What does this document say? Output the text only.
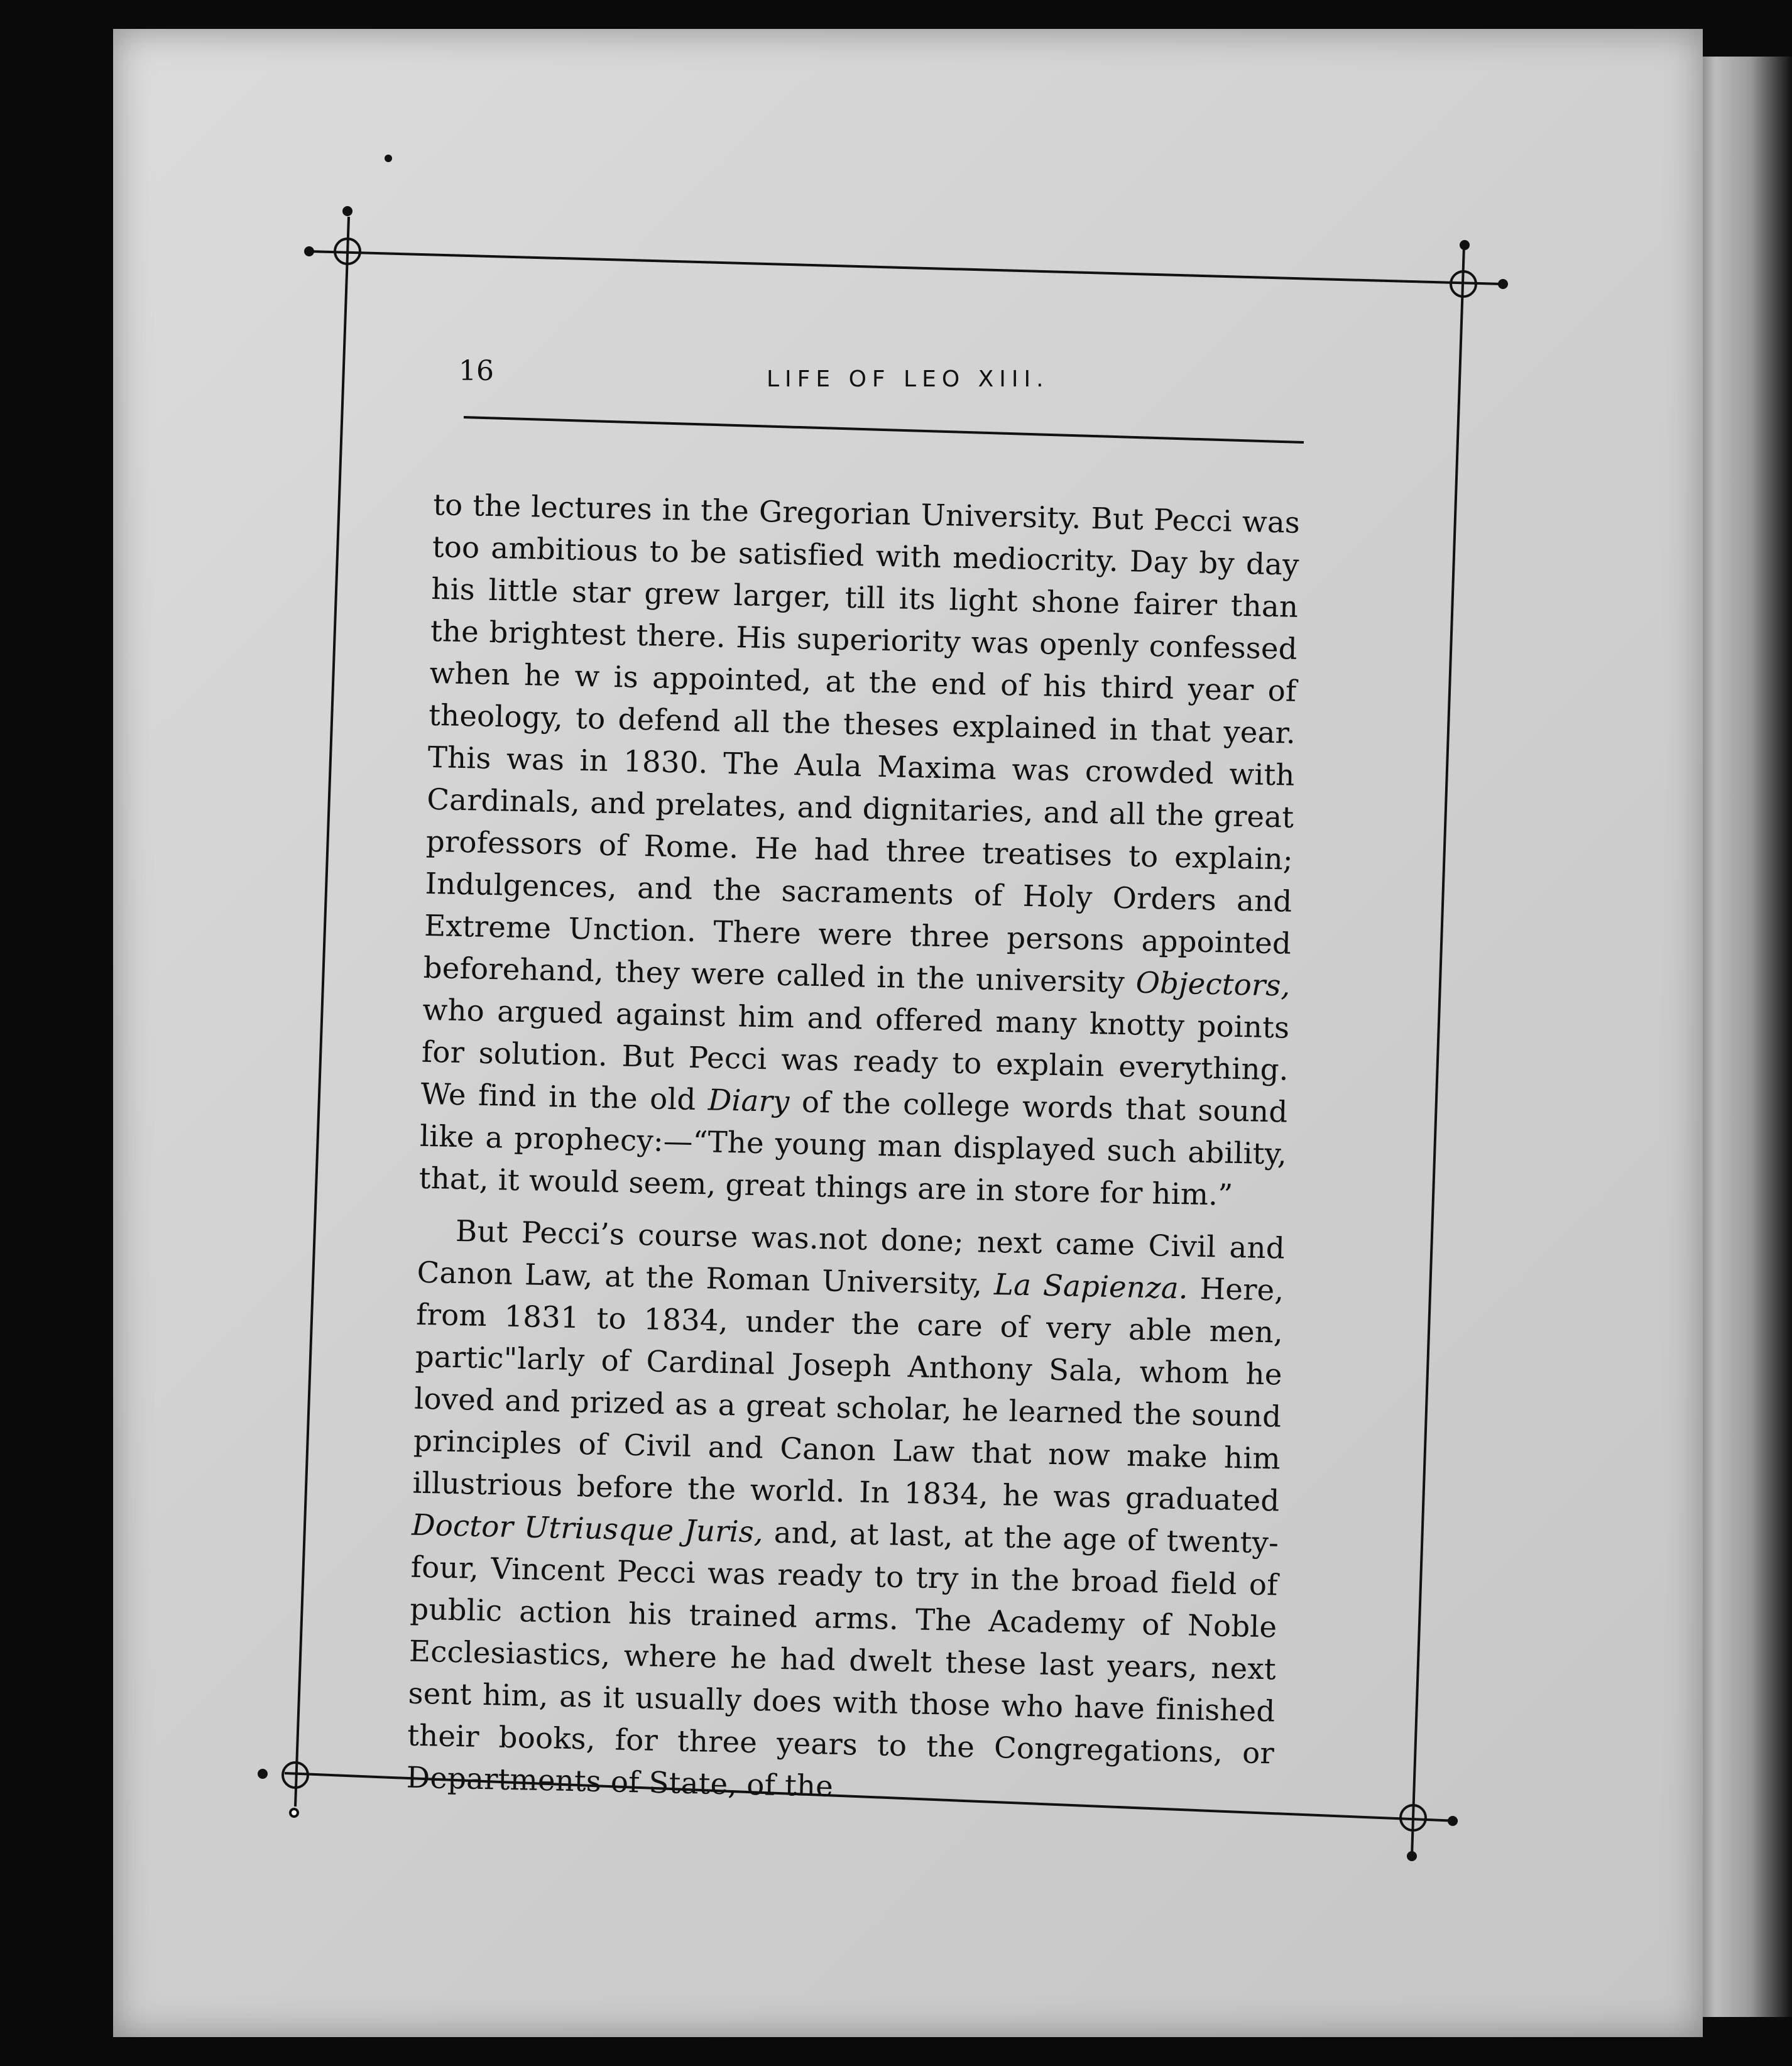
16	LIFE OF LEO XIII.

to the lectures in the Gregorian University. But Pecci was too ambitious to be satisfied with mediocrity. Day by day his little star grew larger, till its light shone fairer than the brightest there. His superiority was openly confessed when he w is appointed, at the end of his third year of theology, to defend all the theses explained in that year. This was in 1830. The Aula Maxima was crowded with Cardinals, and prelates, and dignitaries, and all the great professors of Rome. He had three treatises to explain; Indulgences, and the sacraments of Holy Orders and Extreme Unction. There were three persons appointed beforehand, they were called in the university Objectors, who argued against him and offered many knotty points for solution. But Pecci was ready to explain everything. We find in the old Diary of the college words that sound like a prophecy:—“The young man displayed such ability, that, it would seem, great things are in store for him.”

But Pecci’s course was.not done; next came Civil and Canon Law, at the Roman University, La Sapienza. Here, from 1831 to 1834, under the care of very able men, partic"larly of Cardinal Joseph Anthony Sala, whom he loved and prized as a great scholar, he learned the sound principles of Civil and Canon Law that now make him illustrious before the world. In 1834, he was graduated Doctor Utriusque Juris, and, at last, at the age of twenty-four, Vincent Pecci was ready to try in the broad field of public action his trained arms. The Academy of Noble Ecclesiastics, where he had dwelt these last years, next sent him, as it usually does with those who have finished their books, for three years to the Congregations, or Departments of State, of the
